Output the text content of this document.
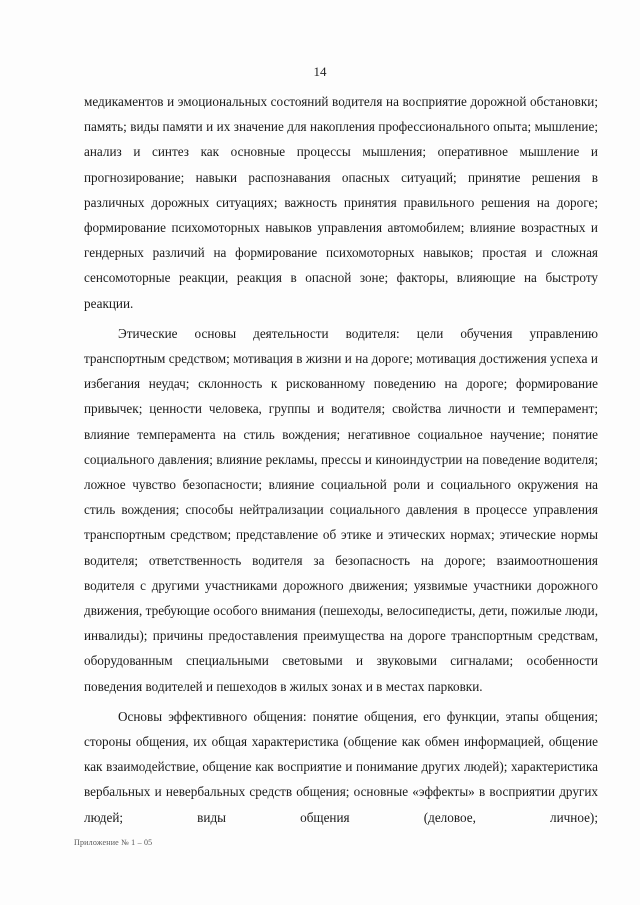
14

медикаментов и эмоциональных состояний водителя на восприятие дорожной обстановки; память; виды памяти и их значение для накопления профессионального опыта; мышление; анализ и синтез как основные процессы мышления; оперативное мышление и прогнозирование; навыки распознавания опасных ситуаций; принятие решения в различных дорожных ситуациях; важность принятия правильного решения на дороге; формирование психомоторных навыков управления автомобилем; влияние возрастных и гендерных различий на формирование психомоторных навыков; простая и сложная сенсомоторные реакции, реакция в опасной зоне; факторы, влияющие на быстроту реакции.

Этические основы деятельности водителя: цели обучения управлению транспортным средством; мотивация в жизни и на дороге; мотивация достижения успеха и избегания неудач; склонность к рискованному поведению на дороге; формирование привычек; ценности человека, группы и водителя; свойства личности и темперамент; влияние темперамента на стиль вождения; негативное социальное научение; понятие социального давления; влияние рекламы, прессы и киноиндустрии на поведение водителя; ложное чувство безопасности; влияние социальной роли и социального окружения на стиль вождения; способы нейтрализации социального давления в процессе управления транспортным средством; представление об этике и этических нормах; этические нормы водителя; ответственность водителя за безопасность на дороге; взаимоотношения водителя с другими участниками дорожного движения; уязвимые участники дорожного движения, требующие особого внимания (пешеходы, велосипедисты, дети, пожилые люди, инвалиды); причины предоставления преимущества на дороге транспортным средствам, оборудованным специальными световыми и звуковыми сигналами; особенности поведения водителей и пешеходов в жилых зонах и в местах парковки.

Основы эффективного общения: понятие общения, его функции, этапы общения; стороны общения, их общая характеристика (общение как обмен информацией, общение как взаимодействие, общение как восприятие и понимание других людей); характеристика вербальных и невербальных средств общения; основные «эффекты» в восприятии других людей; виды общения (деловое, личное);

Приложение № 1 – 05
